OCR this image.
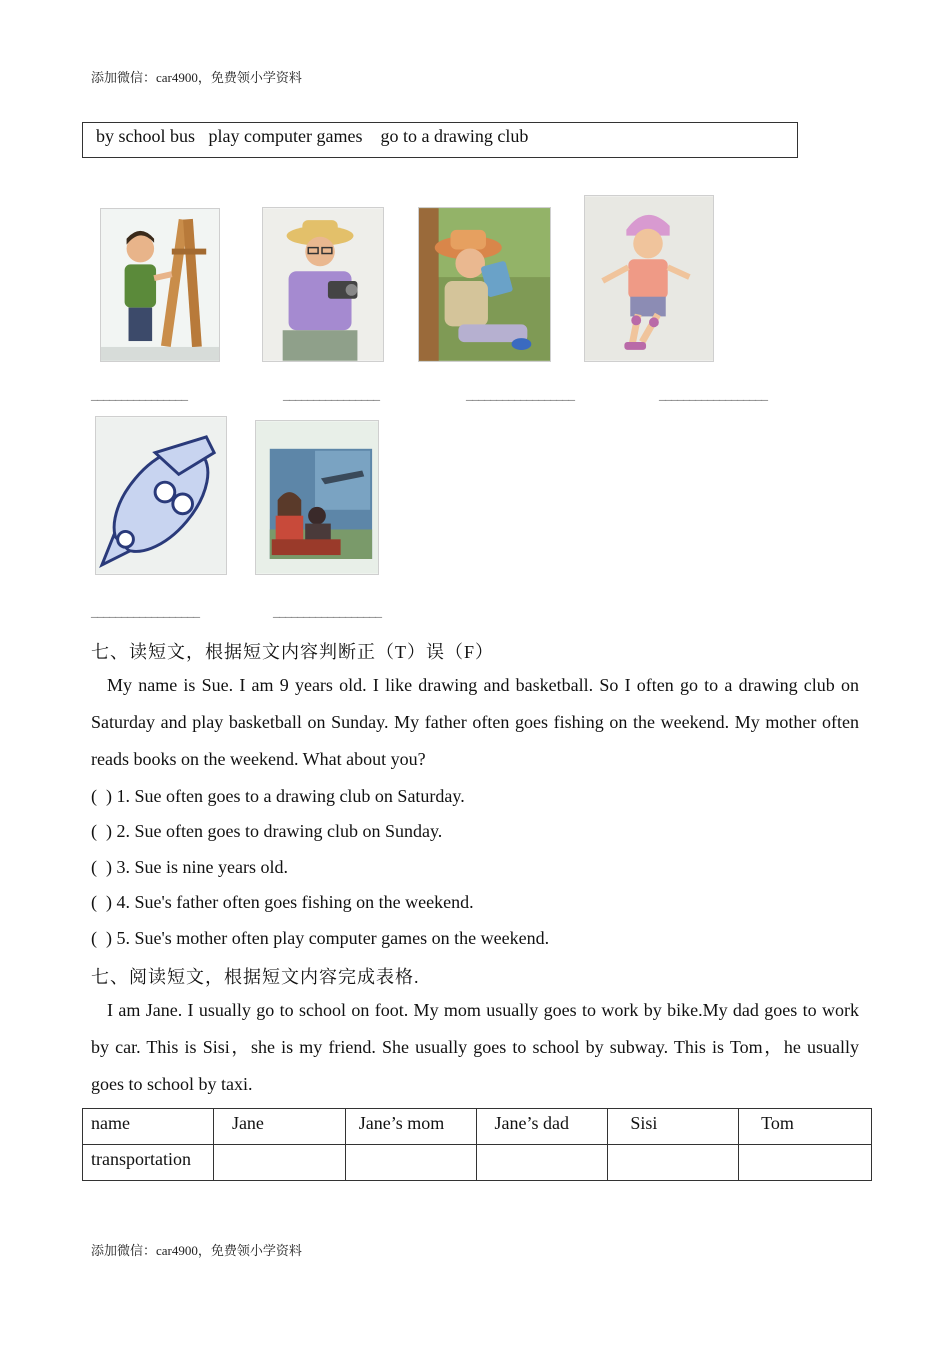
添加微信：car4900，免费领小学资料
by school bus   play computer games    go to a drawing club
________________	________________	__________________	__________________
__________________	__________________
七、读短文，根据短文内容判断正（T）误（F）
My name is Sue. I am 9 years old. I like drawing and basketball. So I often go to a drawing club on Saturday and play basketball on Sunday. My father often goes fishing on the weekend. My mother often reads books on the weekend. What about you?
(  ) 1. Sue often goes to a drawing club on Saturday.
(  ) 2. Sue often goes to drawing club on Sunday.
(  ) 3. Sue is nine years old.
(  ) 4. Sue's father often goes fishing on the weekend.
(  ) 5. Sue's mother often play computer games on the weekend.
七、阅读短文，根据短文内容完成表格.
I am Jane. I usually go to school on foot. My mom usually goes to work by bike.My dad goes to work by car. This is Sisi，she is my friend. She usually goes to school by subway. This is Tom，he usually goes to school by taxi.
name	Jane	Jane’s mom	Jane’s dad	Sisi	Tom
transportation					
添加微信：car4900，免费领小学资料
